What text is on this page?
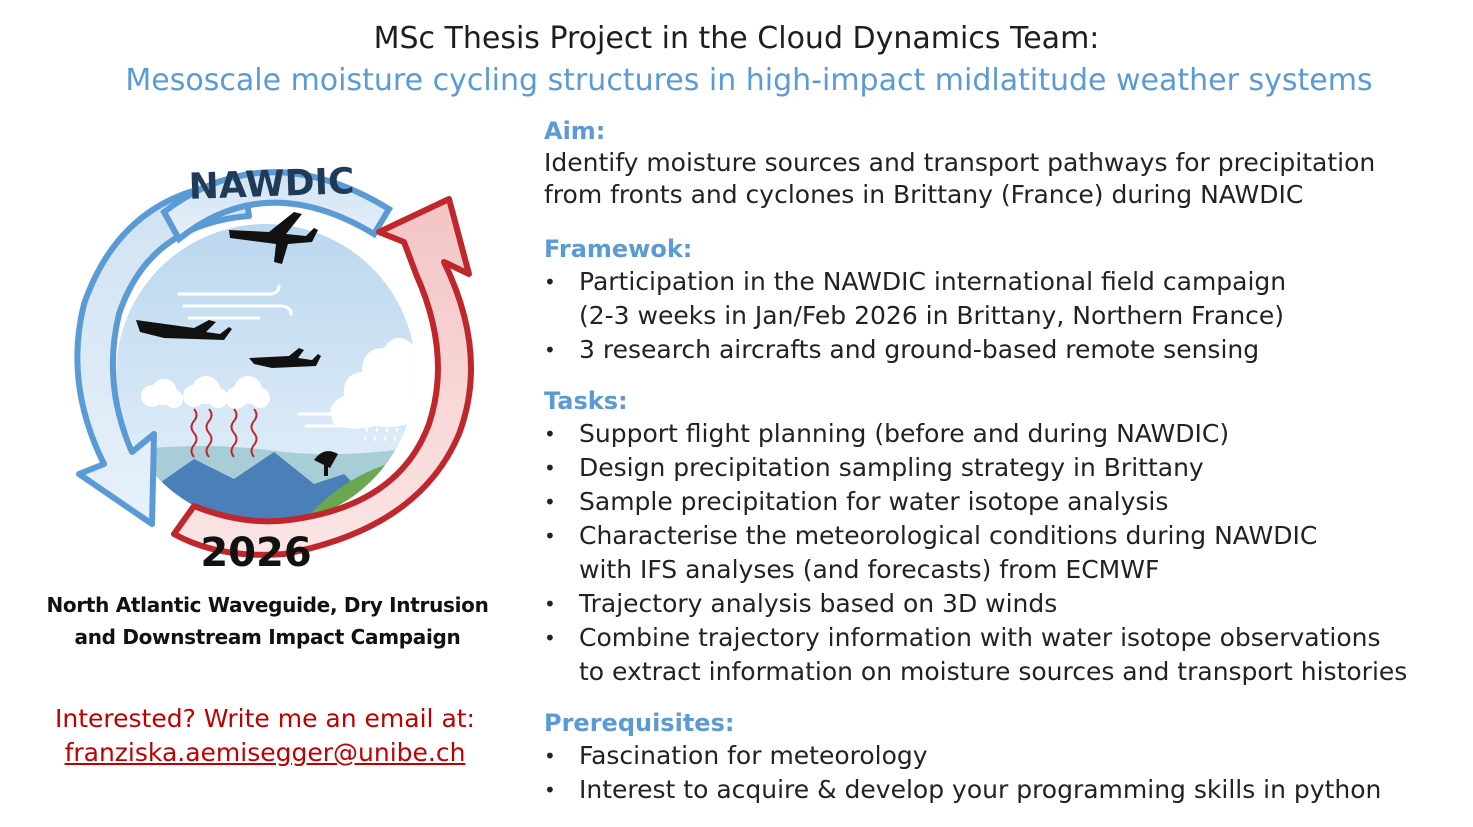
MSc Thesis Project in the Cloud Dynamics Team:
Mesoscale moisture cycling structures in high-impact midlatitude weather systems
NAWDIC
2026
North Atlantic Waveguide, Dry Intrusion
and Downstream Impact Campaign
Interested? Write me an email at:
franziska.aemisegger@unibe.ch
Aim:
Identify moisture sources and transport pathways for precipitation
from fronts and cyclones in Brittany (France) during NAWDIC
Framewok:
• Participation in the NAWDIC international field campaign
(2-3 weeks in Jan/Feb 2026 in Brittany, Northern France)
• 3 research aircrafts and ground-based remote sensing
Tasks:
• Support flight planning (before and during NAWDIC)
• Design precipitation sampling strategy in Brittany
• Sample precipitation for water isotope analysis
• Characterise the meteorological conditions during NAWDIC
with IFS analyses (and forecasts) from ECMWF
• Trajectory analysis based on 3D winds
• Combine trajectory information with water isotope observations
to extract information on moisture sources and transport histories
Prerequisites:
• Fascination for meteorology
• Interest to acquire & develop your programming skills in python
